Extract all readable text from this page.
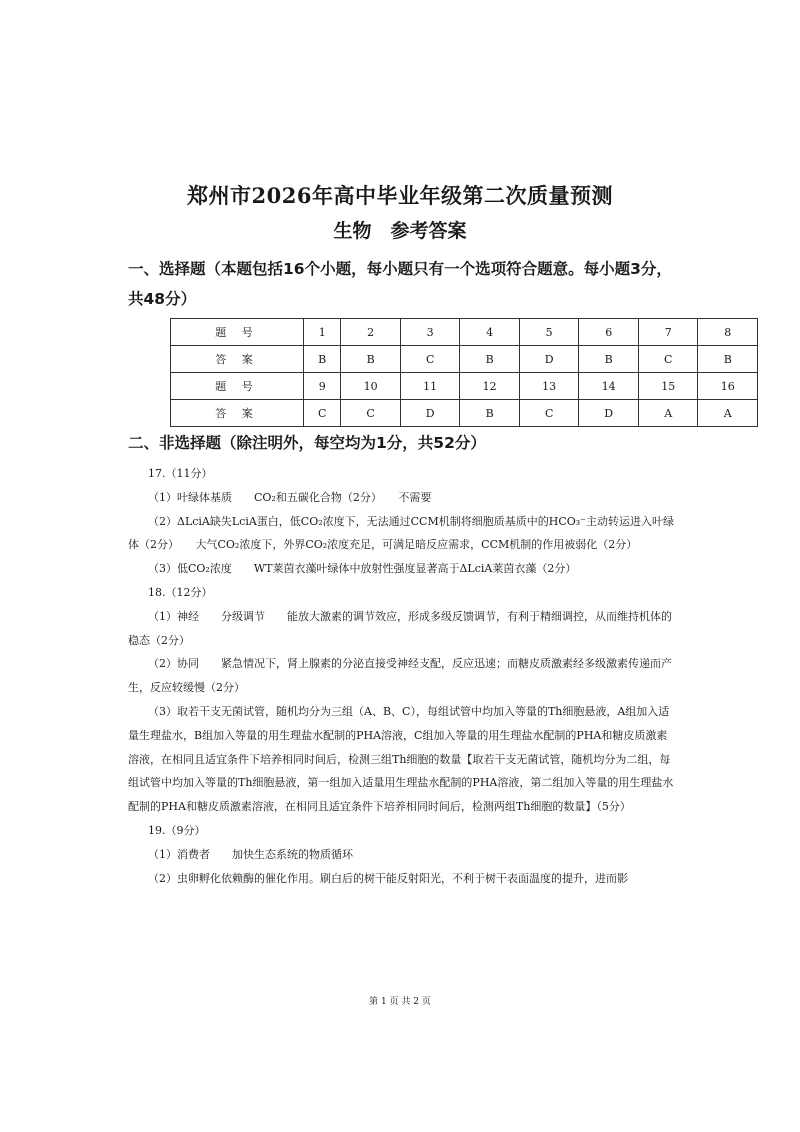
郑州市2026年高中毕业年级第二次质量预测
生物　参考答案
一、选择题（本题包括16个小题，每小题只有一个选项符合题意。每小题3分，共48分）
题 号	1	2	3	4	5	6	7	8
答 案	B	B	C	B	D	B	C	B
题 号	9	10	11	12	13	14	15	16
答 案	C	C	D	B	C	D	A	A
二、非选择题（除注明外，每空均为1分，共52分）
17.（11分）
（1）叶绿体基质　　CO₂和五碳化合物（2分）　　不需要
（2）ΔLciA缺失LciA蛋白，低CO₂浓度下，无法通过CCM机制将细胞质基质中的HCO₃⁻主动转运进入叶绿体（2分）　　大气CO₂浓度下，外界CO₂浓度充足，可满足暗反应需求，CCM机制的作用被弱化（2分）
（3）低CO₂浓度　　WT莱茵衣藻叶绿体中放射性强度显著高于ΔLciA莱茵衣藻（2分）
18.（12分）
（1）神经　　分级调节　　能放大激素的调节效应，形成多级反馈调节，有利于精细调控，从而维持机体的稳态（2分）
（2）协同　　紧急情况下，肾上腺素的分泌直接受神经支配，反应迅速；而糖皮质激素经多级激素传递而产生，反应较缓慢（2分）
（3）取若干支无菌试管，随机均分为三组（A、B、C），每组试管中均加入等量的Th细胞悬液，A组加入适量生理盐水，B组加入等量的用生理盐水配制的PHA溶液，C组加入等量的用生理盐水配制的PHA和糖皮质激素溶液，在相同且适宜条件下培养相同时间后，检测三组Th细胞的数量【取若干支无菌试管，随机均分为二组，每组试管中均加入等量的Th细胞悬液，第一组加入适量用生理盐水配制的PHA溶液，第二组加入等量的用生理盐水配制的PHA和糖皮质激素溶液，在相同且适宜条件下培养相同时间后，检测两组Th细胞的数量】（5分）
19.（9分）
（1）消费者　　加快生态系统的物质循环
（2）虫卵孵化依赖酶的催化作用。刷白后的树干能反射阳光，不利于树干表面温度的提升，进而影
第 1 页 共 2 页
